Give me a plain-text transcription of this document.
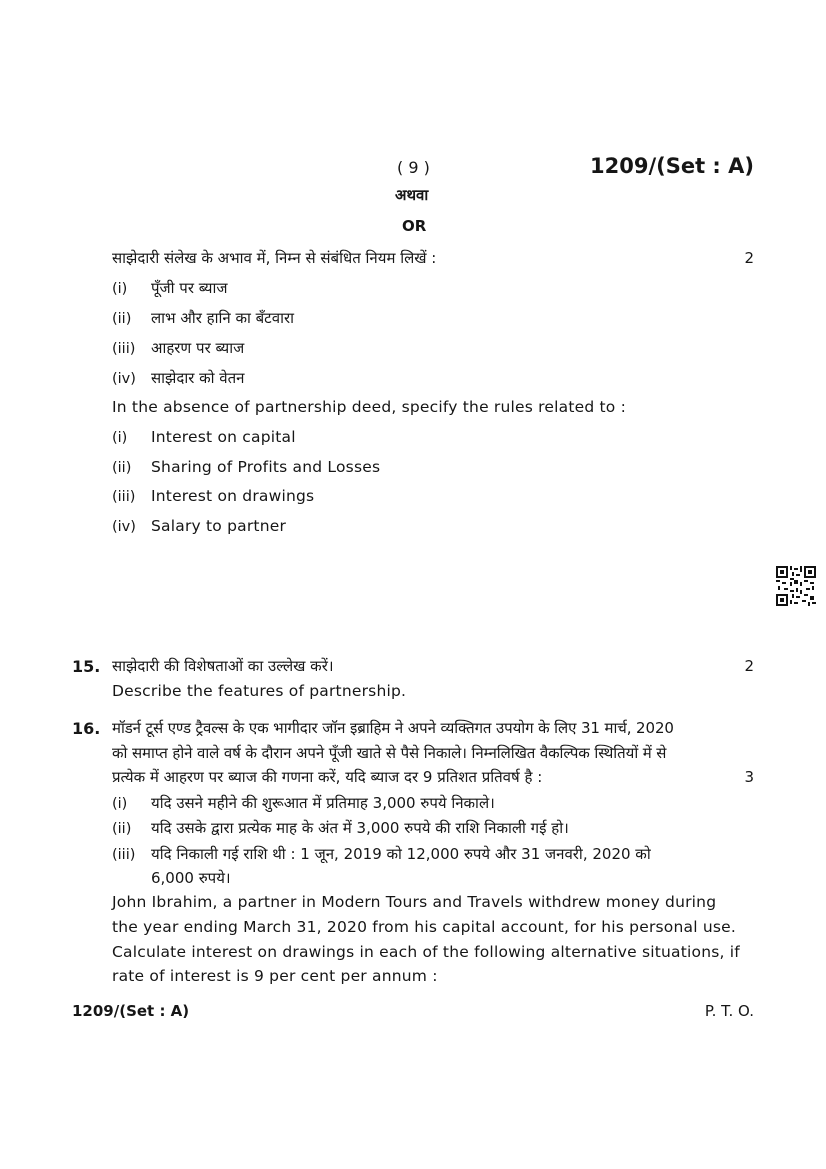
( 9 )	1209/(Set : A)
अथवा
OR
साझेदारी संलेख के अभाव में, निम्न से संबंधित नियम लिखें :	2
(i) पूँजी पर ब्याज
(ii) लाभ और हानि का बँटवारा
(iii) आहरण पर ब्याज
(iv) साझेदार को वेतन
In the absence of partnership deed, specify the rules related to :
(i) Interest on capital
(ii) Sharing of Profits and Losses
(iii) Interest on drawings
(iv) Salary to partner
15. साझेदारी की विशेषताओं का उल्लेख करें।	2
Describe the features of partnership.
16. मॉडर्न टूर्स एण्ड ट्रैवल्स के एक भागीदार जॉन इब्राहिम ने अपने व्यक्तिगत उपयोग के लिए 31 मार्च, 2020
को समाप्त होने वाले वर्ष के दौरान अपने पूँजी खाते से पैसे निकाले। निम्नलिखित वैकल्पिक स्थितियों में से
प्रत्येक में आहरण पर ब्याज की गणना करें, यदि ब्याज दर 9 प्रतिशत प्रतिवर्ष है :	3
(i) यदि उसने महीने की शुरूआत में प्रतिमाह 3,000 रुपये निकाले।
(ii) यदि उसके द्वारा प्रत्येक माह के अंत में 3,000 रुपये की राशि निकाली गई हो।
(iii) यदि निकाली गई राशि थी : 1 जून, 2019 को 12,000 रुपये और 31 जनवरी, 2020 को
6,000 रुपये।
John Ibrahim, a partner in Modern Tours and Travels withdrew money during
the year ending March 31, 2020 from his capital account, for his personal use.
Calculate interest on drawings in each of the following alternative situations, if
rate of interest is 9 per cent per annum :
1209/(Set : A)	P. T. O.
